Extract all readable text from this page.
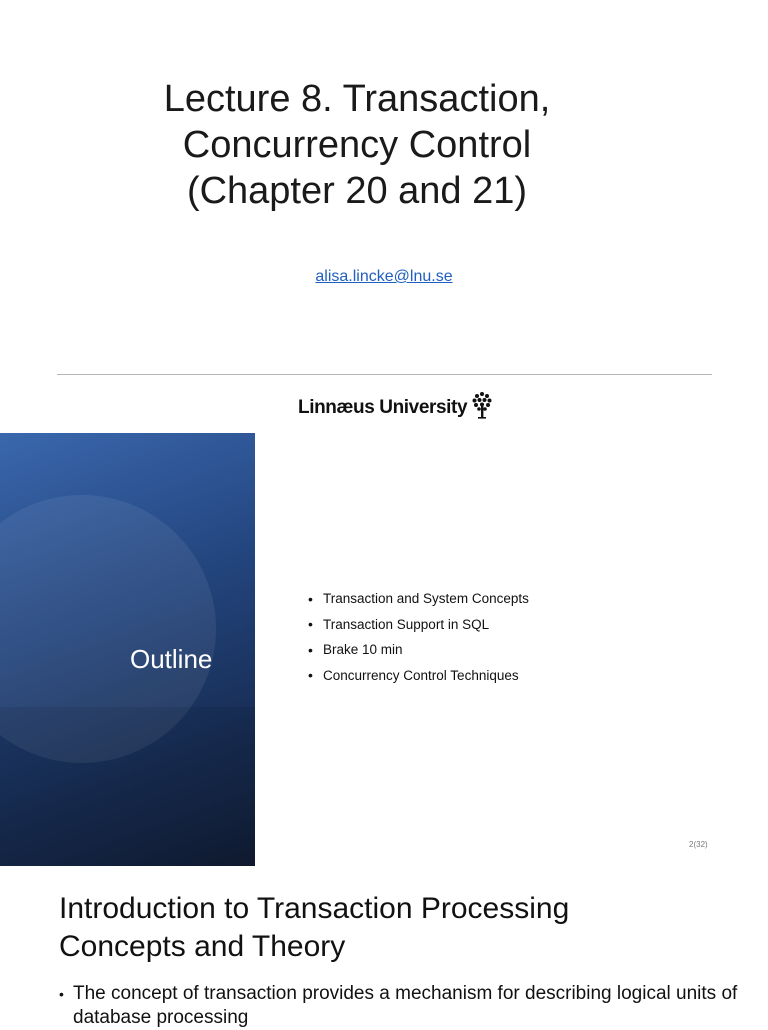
Lecture 8. Transaction,
Concurrency Control
(Chapter 20 and 21)
alisa.lincke@lnu.se
Linnæus University
Outline
• Transaction and System Concepts
• Transaction Support in SQL
• Brake 10 min
• Concurrency Control Techniques
2(32)
Introduction to Transaction Processing
Concepts and Theory
• The concept of transaction provides a mechanism for describing logical units of database processing
